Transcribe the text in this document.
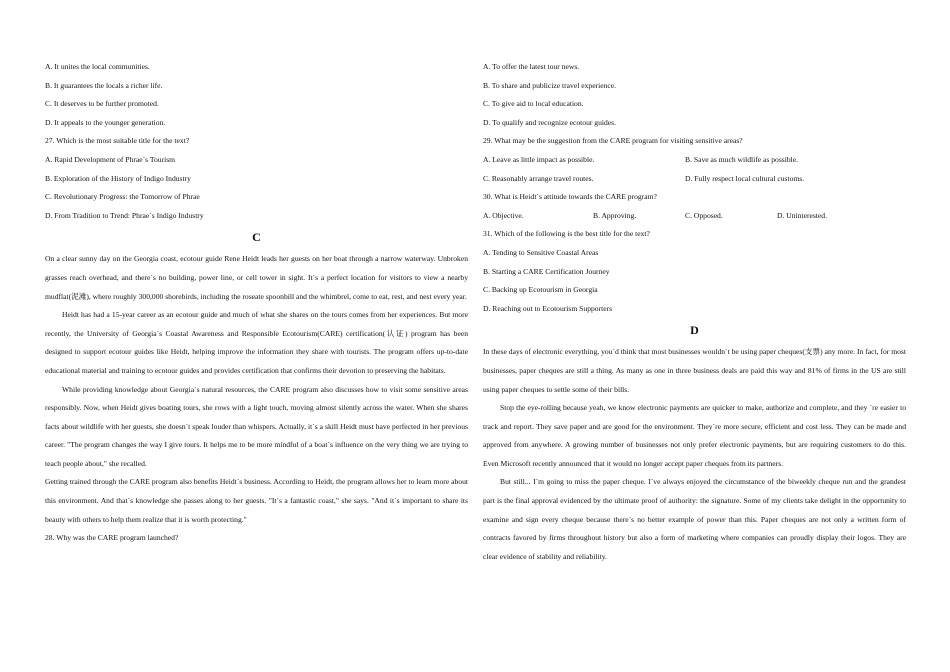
A. It unites the local communities.
B. It guarantees the locals a richer life.
C. It deserves to be further promoted.
D. It appeals to the younger generation.
27. Which is the most suitable title for the text?
A. Rapid Development of Phrae´s Tourism
B. Exploration of the History of Indigo Industry
C. Revolutionary Progress: the Tomorrow of Phrae
D. From Tradition to Trend: Phrae´s Indigo Industry
C

On a clear sunny day on the Georgia coast, ecotour guide Rene Heidt leads her guests on her boat through a narrow waterway. Unbroken grasses reach overhead, and there´s no building, power line, or cell tower in sight. It´s a perfect location for visitors to view a nearby mudflat(泥滩), where roughly 300,000 shorebirds, including the roseate spoonbill and the whimbrel, come to eat, rest, and nest every year.

Heidt has had a 15-year career as an ecotour guide and much of what she shares on the tours comes from her experiences. But more recently, the University of Georgia´s Coastal Awareness and Responsible Ecotourism(CARE) certification(认证) program has been designed to support ecotour guides like Heidt, helping improve the information they share with tourists. The program offers up-to-date educational material and training to ecotour guides and provides certification that confirms their devotion to preserving the habitats.

While providing knowledge about Georgia´s natural resources, the CARE program also discusses how to visit some sensitive areas responsibly. Now, when Heidt gives boating tours, she rows with a light touch, moving almost silently across the water. When she shares facts about wildlife with her guests, she doesn´t speak louder than whispers. Actually, it´s a skill Heidt must have perfected in her previous career. "The program changes the way I give tours. It helps me to be more mindful of a boat´s influence on the very thing we are trying to teach people about," she recalled.

Getting trained through the CARE program also benefits Heidt´s business. According to Heidt, the program allows her to learn more about this environment. And that´s knowledge she passes along to her guests. "It´s a fantastic coast," she says. "And it´s important to share its beauty with others to help them realize that it is worth protecting."

28. Why was the CARE program launched?
A. To offer the latest tour news.
B. To share and publicize travel experience.
C. To give aid to local education.
D. To qualify and recognize ecotour guides.
29. What may be the suggestion from the CARE program for visiting sensitive areas?
A. Leave as little impact as possible.	B. Save as much wildlife as possible.
C. Reasonably arrange travel routes.	D. Fully respect local cultural customs.
30. What is Heidt´s attitude towards the CARE program?
A. Objective.	B. Approving.	C. Opposed.	D. Uninterested.
31. Which of the following is the best title for the text?
A. Tending to Sensitive Coastal Areas
B. Starting a CARE Certification Journey
C. Backing up Ecotourism in Georgia
D. Reaching out to Ecotourism Supporters
D

In these days of electronic everything, you´d think that most businesses wouldn´t be using paper cheques(支票) any more. In fact, for most businesses, paper cheques are still a thing. As many as one in three business deals are paid this way and 81% of firms in the US are still using paper cheques to settle some of their bills.

Stop the eye-rolling because yeah, we know electronic payments are quicker to make, authorize and complete, and they ´re easier to track and report. They save paper and are good for the environment. They´re more secure, efficient and cost less. They can be made and approved from anywhere. A growing number of businesses not only prefer electronic payments, but are requiring customers to do this. Even Microsoft recently announced that it would no longer accept paper cheques from its partners.

But still... I´m going to miss the paper cheque. I´ve always enjoyed the circumstance of the biweekly cheque run and the grandest part is the final approval evidenced by the ultimate proof of authority: the signature. Some of my clients take delight in the opportunity to examine and sign every cheque because there´s no better example of power than this. Paper cheques are not only a written form of contracts favored by firms throughout history but also a form of marketing where companies can proudly display their logos. They are clear evidence of stability and reliability.
